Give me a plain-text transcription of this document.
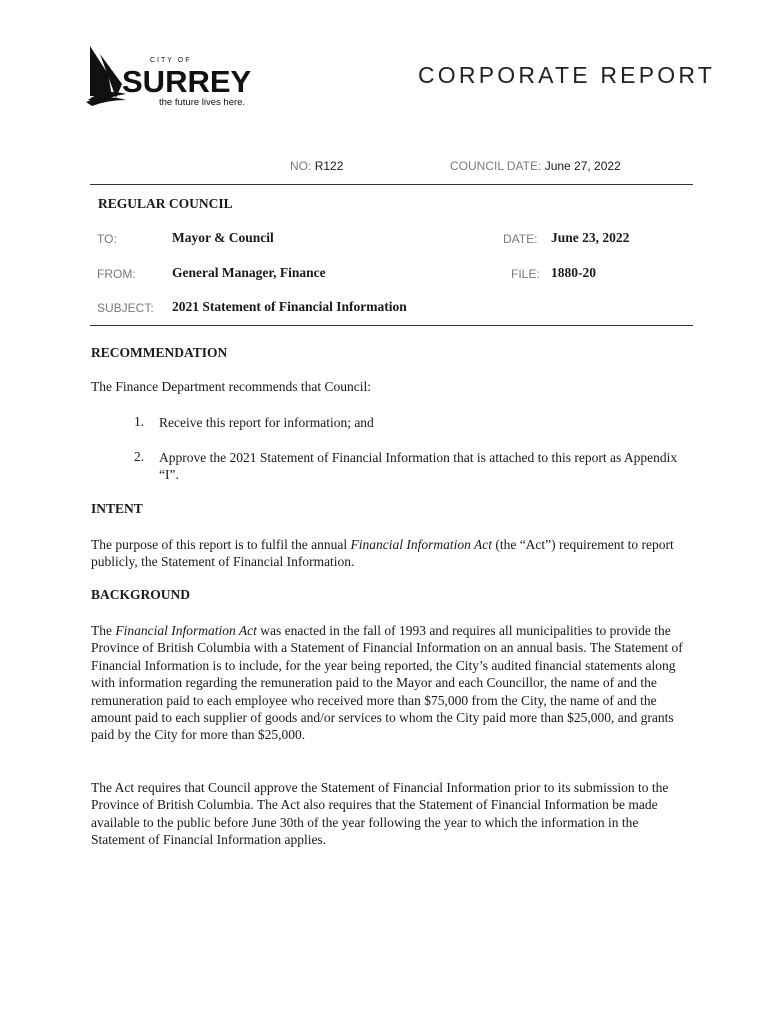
CITY OF
SURREY
the future lives here.
CORPORATE REPORT
NO: R122	COUNCIL DATE: June 27, 2022
REGULAR COUNCIL
TO:	Mayor & Council	DATE: June 23, 2022
FROM:	General Manager, Finance	FILE: 1880-20
SUBJECT: 2021 Statement of Financial Information
RECOMMENDATION
The Finance Department recommends that Council:
1. Receive this report for information; and
2. Approve the 2021 Statement of Financial Information that is attached to this report as Appendix “I”.
INTENT
The purpose of this report is to fulfil the annual Financial Information Act (the “Act”) requirement to report publicly, the Statement of Financial Information.
BACKGROUND
The Financial Information Act was enacted in the fall of 1993 and requires all municipalities to provide the Province of British Columbia with a Statement of Financial Information on an annual basis. The Statement of Financial Information is to include, for the year being reported, the City’s audited financial statements along with information regarding the remuneration paid to the Mayor and each Councillor, the name of and the remuneration paid to each employee who received more than $75,000 from the City, the name of and the amount paid to each supplier of goods and/or services to whom the City paid more than $25,000, and grants paid by the City for more than $25,000.
The Act requires that Council approve the Statement of Financial Information prior to its submission to the Province of British Columbia. The Act also requires that the Statement of Financial Information be made available to the public before June 30th of the year following the year to which the information in the Statement of Financial Information applies.
